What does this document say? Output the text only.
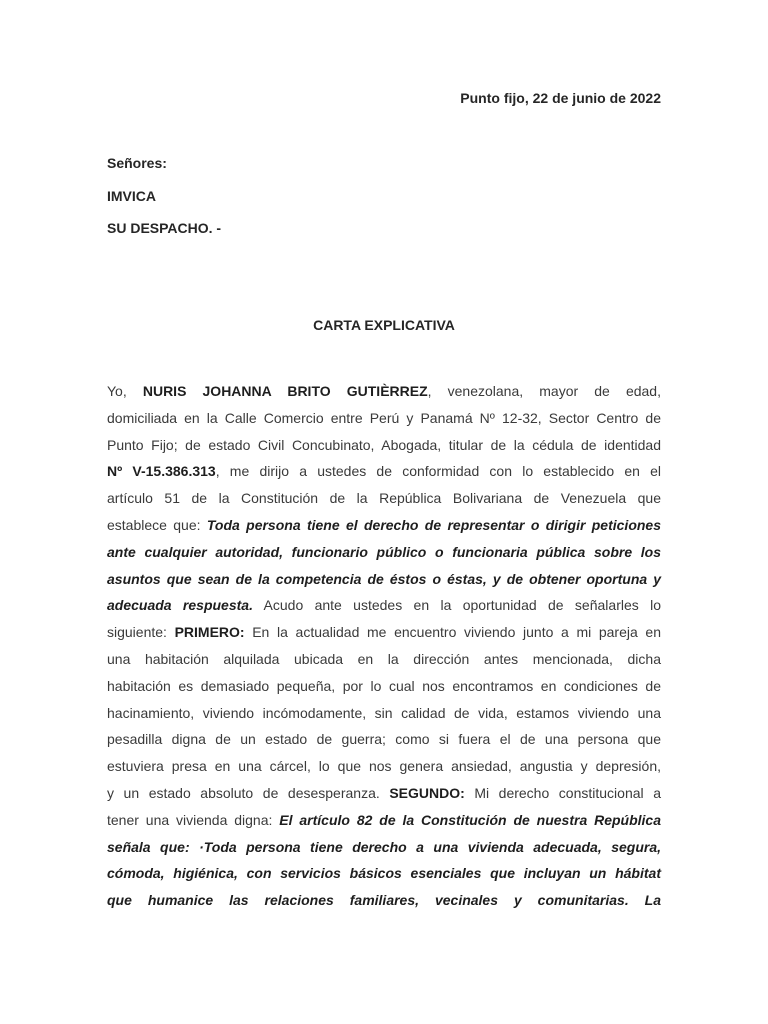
Punto fijo, 22 de junio de 2022
Señores:
IMVICA
SU DESPACHO. -
CARTA EXPLICATIVA
Yo, NURIS JOHANNA BRITO GUTIÈRREZ, venezolana, mayor de edad,
domiciliada en la Calle Comercio entre Perú y Panamá Nº 12-32, Sector Centro de
Punto Fijo; de estado Civil Concubinato, Abogada, titular de la cédula de identidad
Nº V-15.386.313, me dirijo a ustedes de conformidad con lo establecido en el
artículo 51 de la Constitución de la República Bolivariana de Venezuela que
establece que: Toda persona tiene el derecho de representar o dirigir peticiones
ante cualquier autoridad, funcionario público o funcionaria pública sobre los
asuntos que sean de la competencia de éstos o éstas, y de obtener oportuna y
adecuada respuesta. Acudo ante ustedes en la oportunidad de señalarles lo
siguiente: PRIMERO: En la actualidad me encuentro viviendo junto a mi pareja en
una habitación alquilada ubicada en la dirección antes mencionada, dicha
habitación es demasiado pequeña, por lo cual nos encontramos en condiciones de
hacinamiento, viviendo incómodamente, sin calidad de vida, estamos viviendo una
pesadilla digna de un estado de guerra; como si fuera el de una persona que
estuviera presa en una cárcel, lo que nos genera ansiedad, angustia y depresión,
y un estado absoluto de desesperanza. SEGUNDO: Mi derecho constitucional a
tener una vivienda digna: El artículo 82 de la Constitución de nuestra República
señala que: ·Toda persona tiene derecho a una vivienda adecuada, segura,
cómoda, higiénica, con servicios básicos esenciales que incluyan un hábitat
que humanice las relaciones familiares, vecinales y comunitarias. La
